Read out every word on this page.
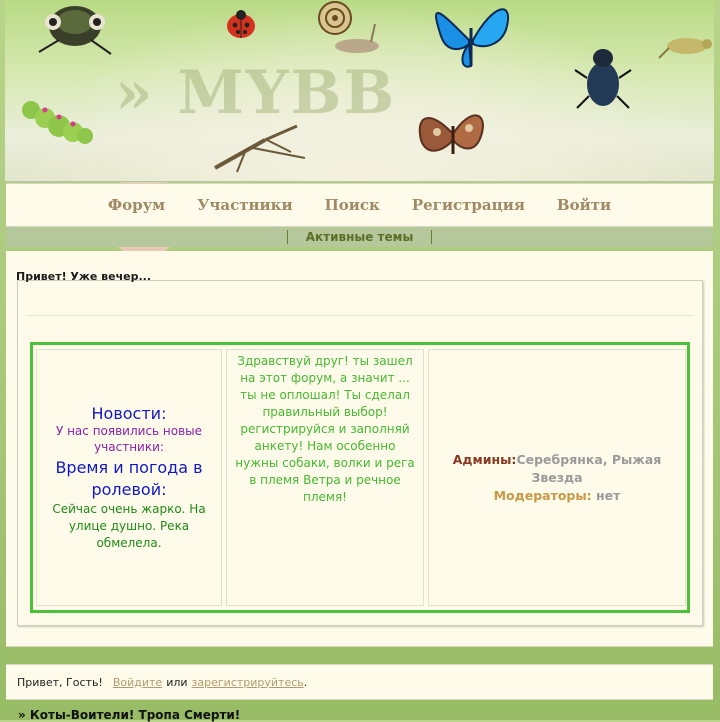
» MYBB
Форум Участники Поиск Регистрация Войти
Активные темы
Привет! Уже вечер...
Новости:
У нас появились новые участники:
Время и погода в ролевой:
Сейчас очень жарко. На улице душно. Река обмелела.
Здравствуй друг! ты зашел на этот форум, а значит ... ты не оплошал! Ты сделал правильный выбор! регистрируйся и заполняй анкету! Нам особенно нужны собаки, волки и рега в племя Ветра и речное племя!
Админы:Серебрянка, Рыжая Звезда
Модераторы: нет
Привет, Гость! Войдите или зарегистрируйтесь .
» Коты-Воители! Тропа Смерти!
